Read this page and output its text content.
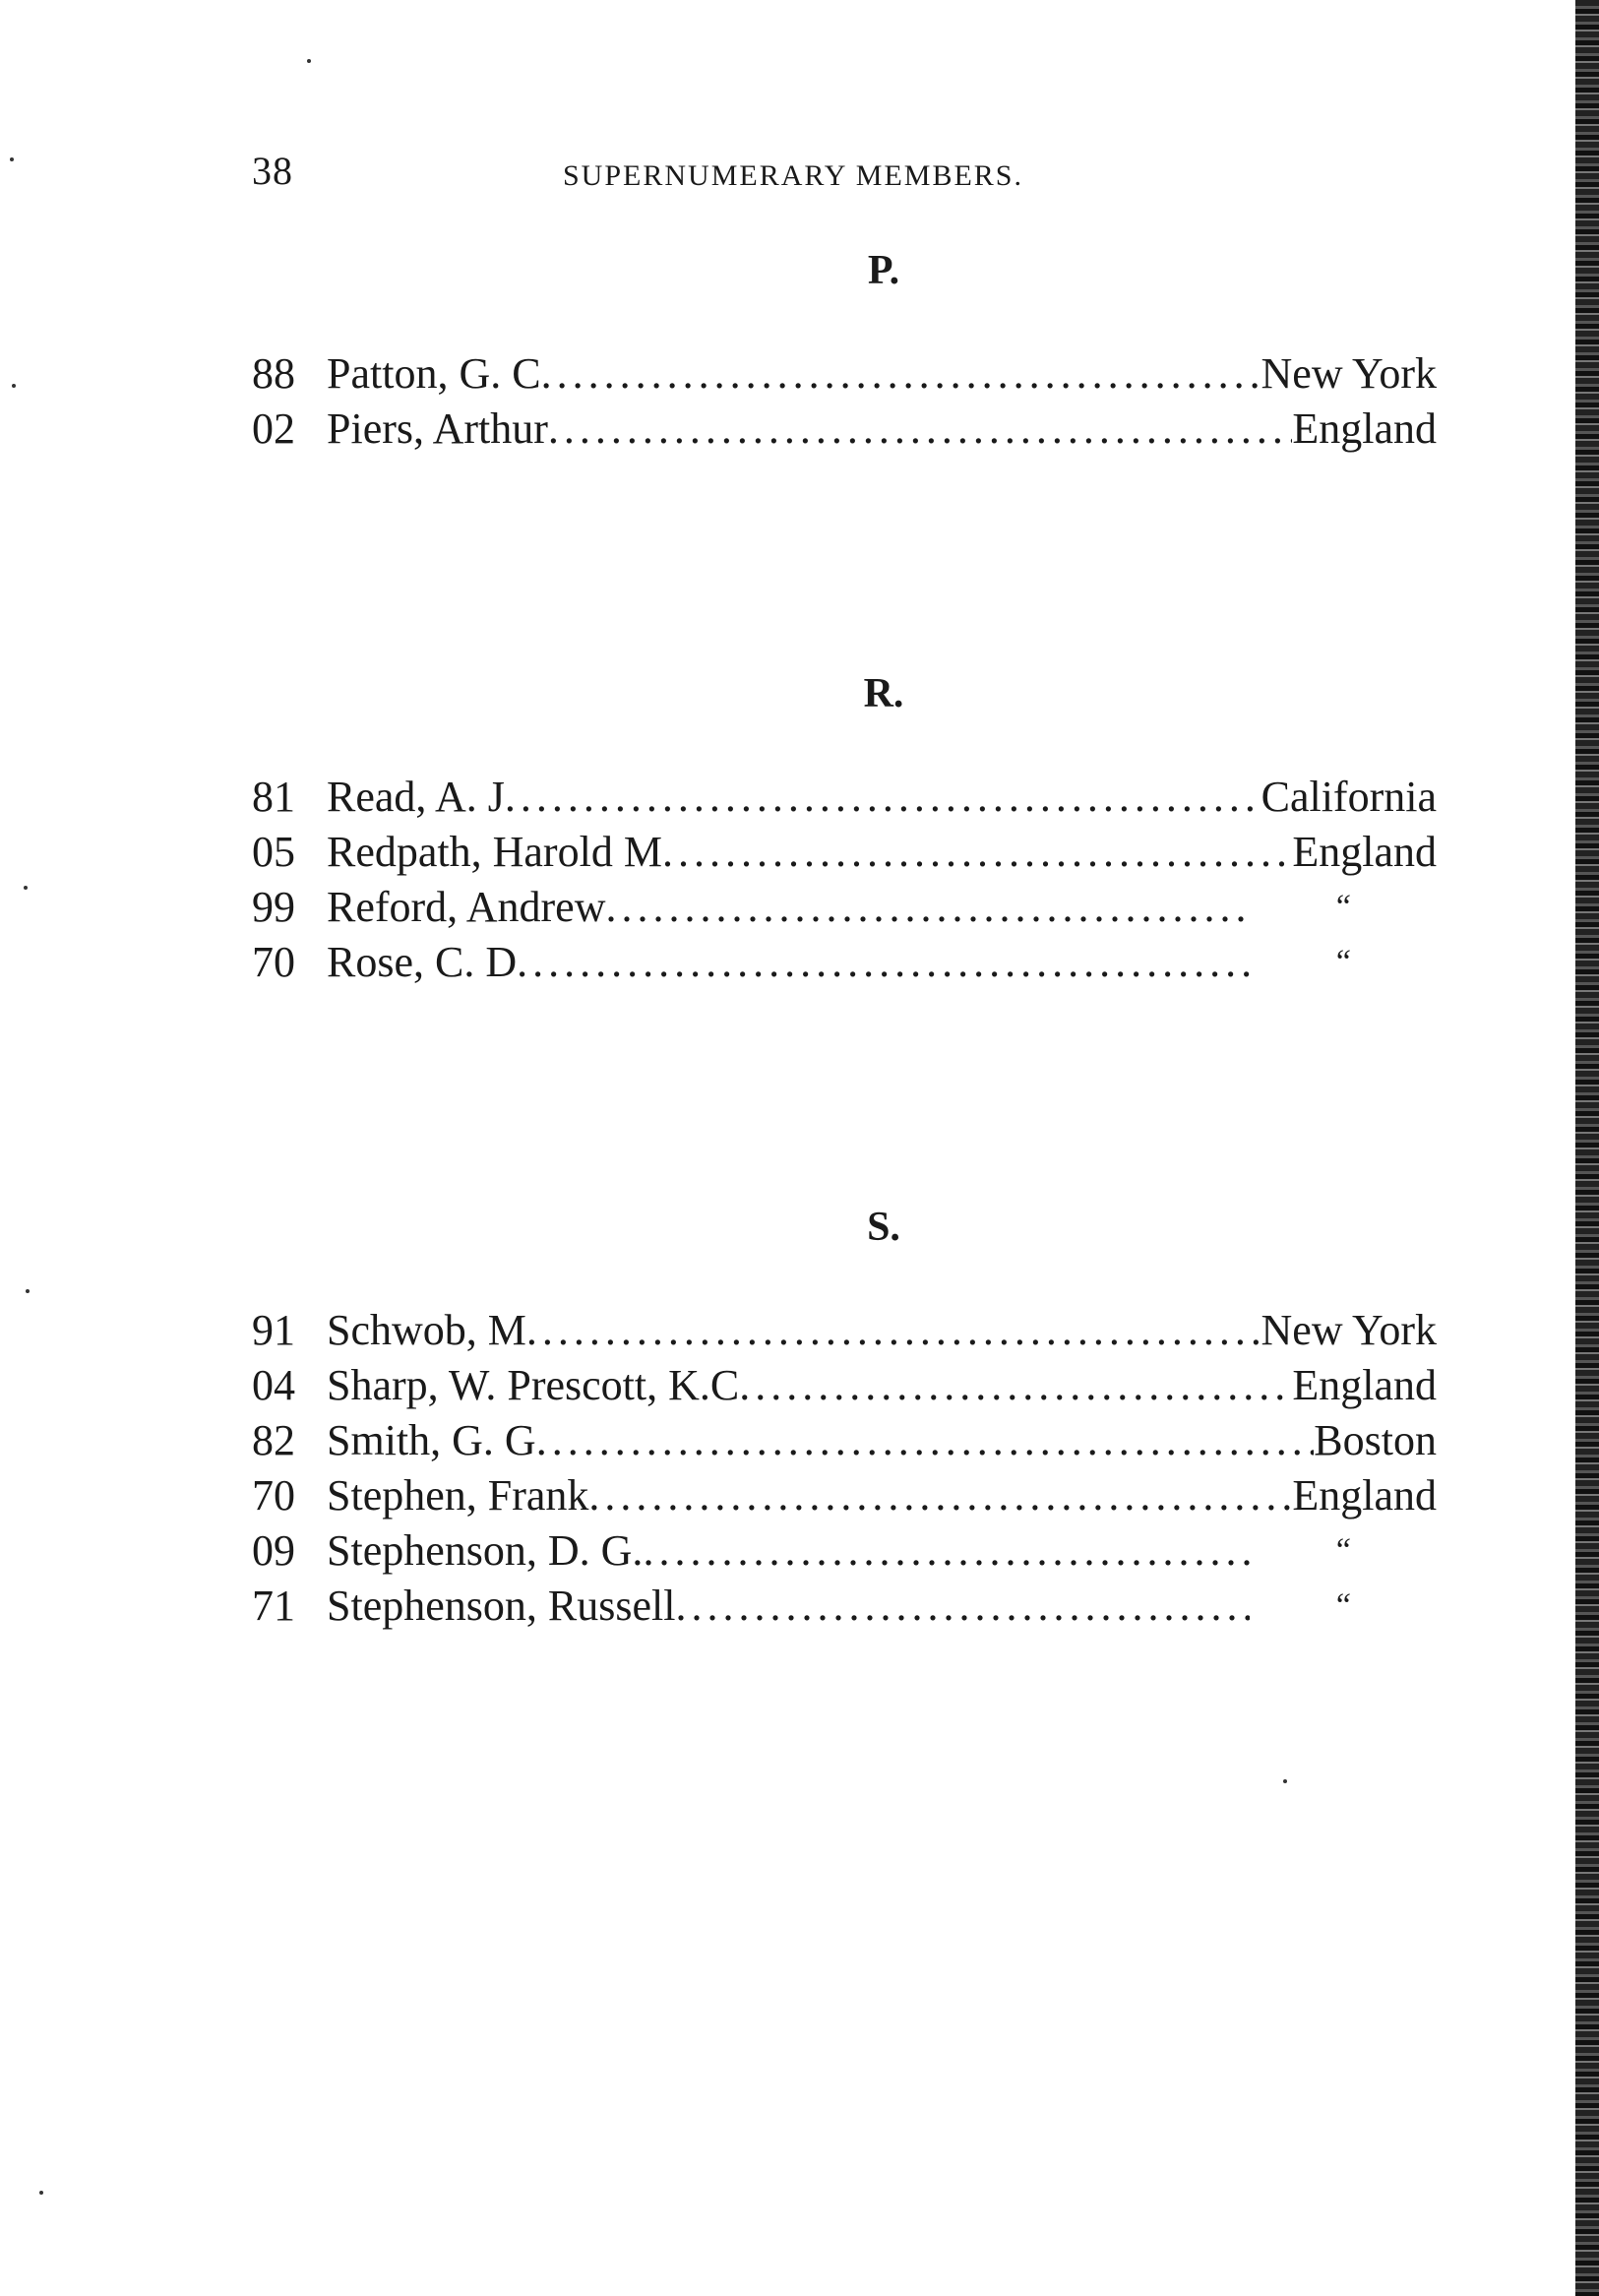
38	SUPERNUMERARY MEMBERS.
P.
88 Patton, G. C .....	New York
02 Piers, Arthur .....	England
R.
81 Read, A. J .....	California
05 Redpath, Harold M .....	England
99 Reford, Andrew .....	“
70 Rose, C. D .....	“
S.
91 Schwob, M .....	New York
04 Sharp, W. Prescott, K.C .....	England
82 Smith, G. G .....	Boston
70 Stephen, Frank .....	England
09 Stephenson, D. G. .....	“
71 Stephenson, Russell .....	“
